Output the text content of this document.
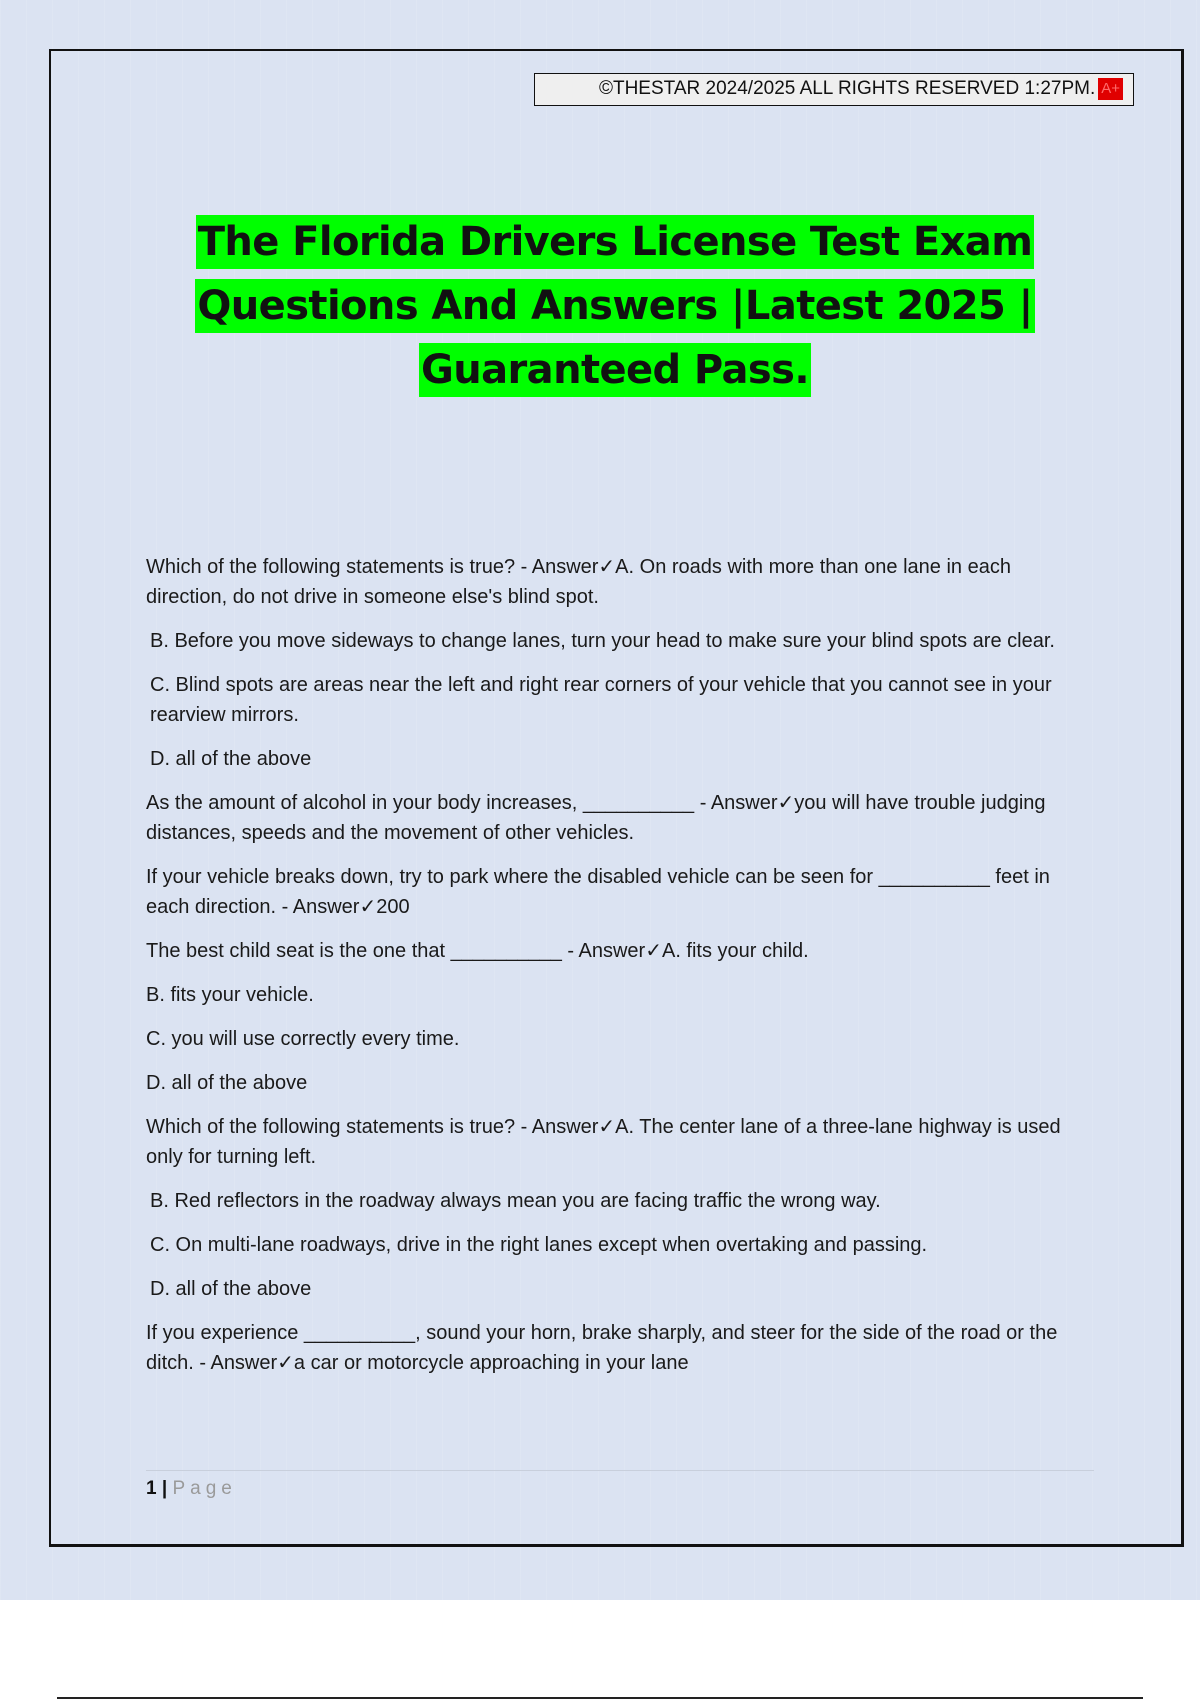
©THESTAR 2024/2025 ALL RIGHTS RESERVED 1:27PM. A+
The Florida Drivers License Test Exam
Questions And Answers |Latest 2025 |
Guaranteed Pass.

Which of the following statements is true? - Answer✓A. On roads with more than one lane in each direction, do not drive in someone else's blind spot.

B. Before you move sideways to change lanes, turn your head to make sure your blind spots are clear.

C. Blind spots are areas near the left and right rear corners of your vehicle that you cannot see in your rearview mirrors.

D. all of the above

As the amount of alcohol in your body increases, __________ - Answer✓you will have trouble judging distances, speeds and the movement of other vehicles.

If your vehicle breaks down, try to park where the disabled vehicle can be seen for __________ feet in each direction. - Answer✓200

The best child seat is the one that __________ - Answer✓A. fits your child.

B. fits your vehicle.

C. you will use correctly every time.

D. all of the above

Which of the following statements is true? - Answer✓A. The center lane of a three-lane highway is used only for turning left.

B. Red reflectors in the roadway always mean you are facing traffic the wrong way.

C. On multi-lane roadways, drive in the right lanes except when overtaking and passing.

D. all of the above

If you experience __________, sound your horn, brake sharply, and steer for the side of the road or the ditch. - Answer✓a car or motorcycle approaching in your lane

1 | Page
